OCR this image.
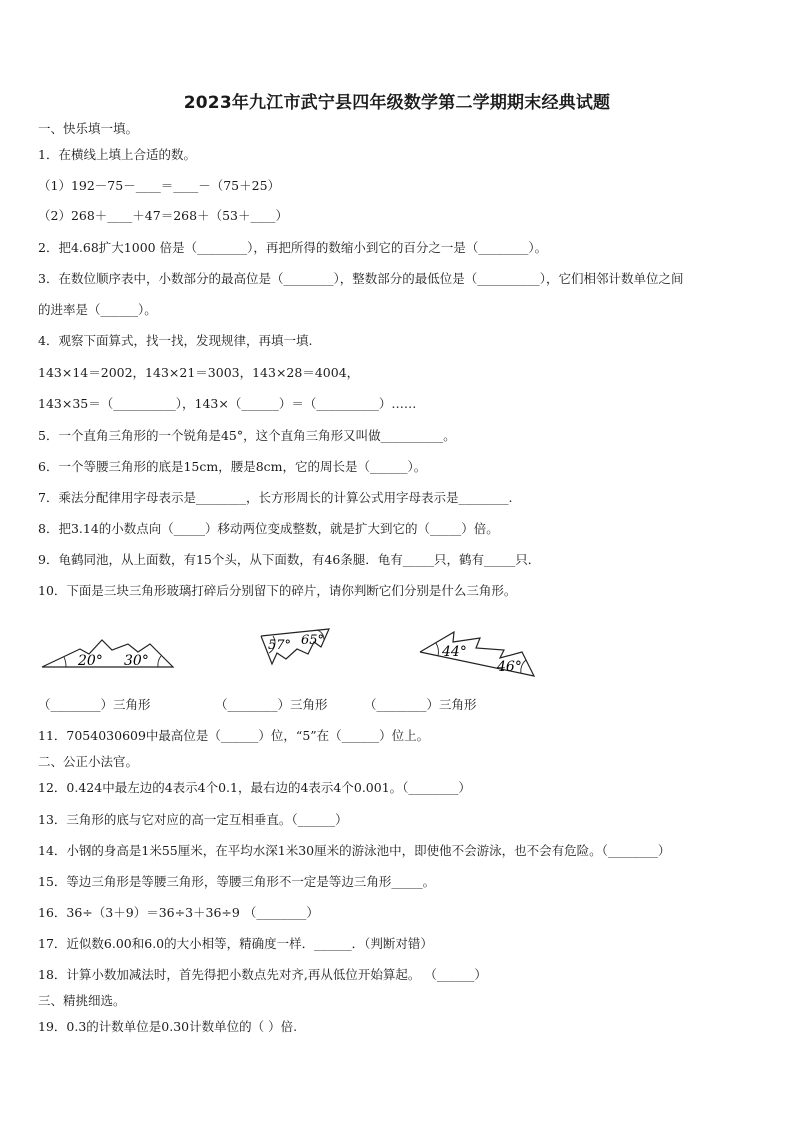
2023年九江市武宁县四年级数学第二学期期末经典试题
一、快乐填一填。
1．在横线上填上合适的数。
（1）192－75－____＝____－（75＋25）
（2）268＋____＋47＝268＋（53＋____）
2．把4.68扩大1000 倍是（________），再把所得的数缩小到它的百分之一是（________）。
3．在数位顺序表中，小数部分的最高位是（________），整数部分的最低位是（__________），它们相邻计数单位之间
的进率是（______）。
4．观察下面算式，找一找，发现规律，再填一填.
143×14＝2002，143×21＝3003，143×28＝4004，
143×35＝（__________），143×（______）＝（__________）……
5．一个直角三角形的一个锐角是45°，这个直角三角形又叫做__________。
6．一个等腰三角形的底是15cm，腰是8cm，它的周长是（______）。
7．乘法分配律用字母表示是________，长方形周长的计算公式用字母表示是________.
8．把3.14的小数点向（_____）移动两位变成整数，就是扩大到它的（_____）倍。
9．龟鹤同池，从上面数，有15个头，从下面数，有46条腿．龟有_____只，鹤有_____只．
10．下面是三块三角形玻璃打碎后分别留下的碎片，请你判断它们分别是什么三角形。
20° 30°
57° 65°
44°
46°
（________）三角形	（________）三角形	（________）三角形
11．7054030609中最高位是（______）位，“5”在（______）位上。
二、公正小法官。
12．0.424中最左边的4表示4个0.1，最右边的4表示4个0.001。（________）
13．三角形的底与它对应的高一定互相垂直。（______）
14．小钢的身高是1米55厘米，在平均水深1米30厘米的游泳池中，即使他不会游泳，也不会有危险。（________）
15．等边三角形是等腰三角形，等腰三角形不一定是等边三角形_____。
16．36÷（3＋9）＝36÷3＋36÷9 （________）
17．近似数6.00和6.0的大小相等，精确度一样．______．（判断对错）
18．计算小数加减法时，首先得把小数点先对齐,再从低位开始算起。 （______）
三、精挑细选。
19．0.3的计数单位是0.30计数单位的（ ）倍.
